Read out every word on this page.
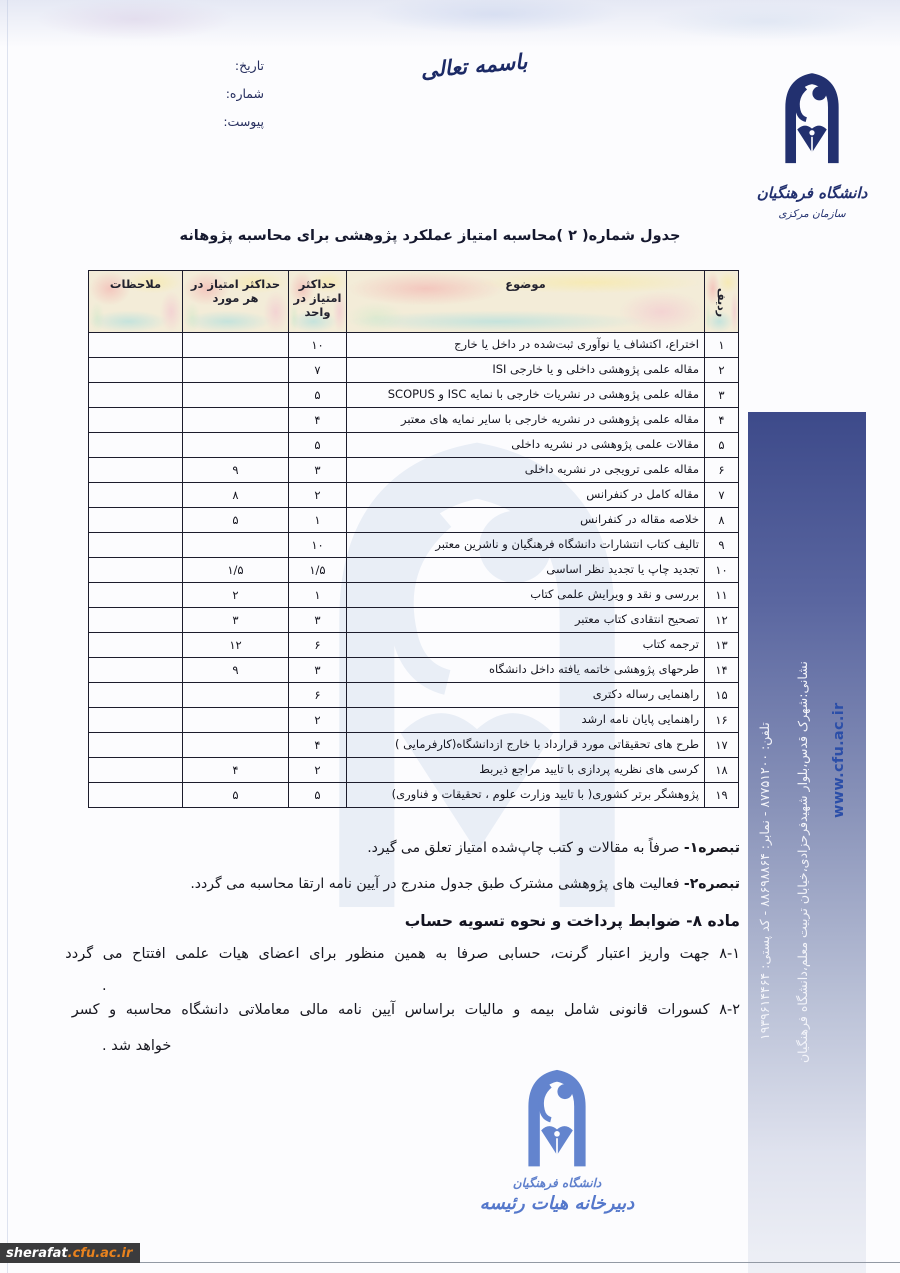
تاریخ:
شماره:
پیوست:
باسمه تعالی
دانشگاه فرهنگیان
سازمان مرکزی
جدول شماره( ۲ )محاسبه امتیاز عملکرد پژوهشی برای محاسبه پژوهانه
ردیف	موضوع	حداکثر امتیاز در واحد	حداکثر امتیاز در هر مورد	ملاحظات
۱	اختراع، اکتشاف یا نوآوری ثبت‌شده در داخل یا خارج	۱۰		
۲	مقاله علمی پژوهشی داخلی و یا خارجی ISI	۷		
۳	مقاله علمی پژوهشی در نشریات خارجی با نمایه ISC و SCOPUS	۵		
۴	مقاله علمی پژوهشی در نشریه خارجی با سایر نمایه های معتبر	۴		
۵	مقالات علمی پژوهشی در نشریه داخلی	۵		
۶	مقاله علمی ترویجی در نشریه داخلی	۳	۹	
۷	مقاله کامل در کنفرانس	۲	۸	
۸	خلاصه مقاله در کنفرانس	۱	۵	
۹	تالیف کتاب انتشارات دانشگاه فرهنگیان و ناشرین معتبر	۱۰		
۱۰	تجدید چاپ یا تجدید نظر اساسی	۱/۵	۱/۵	
۱۱	بررسی و نقد و ویرایش علمی کتاب	۱	۲	
۱۲	تصحیح انتقادی کتاب معتبر	۳	۳	
۱۳	ترجمه کتاب	۶	۱۲	
۱۴	طرحهای پژوهشی خاتمه یافته داخل دانشگاه	۳	۹	
۱۵	راهنمایی رساله دکتری	۶		
۱۶	راهنمایی پایان نامه ارشد	۲		
۱۷	طرح های تحقیقاتی مورد قرارداد با خارج ازدانشگاه(کارفرمایی )	۴		
۱۸	کرسی های نظریه پردازی با تایید مراجع ذیربط	۲	۴	
۱۹	پژوهشگر برتر کشوری( با تایید وزارت علوم ، تحقیقات و فناوری)	۵	۵	
تبصره۱- صرفاً به مقالات و کتب چاپ‌شده امتیاز تعلق می گیرد.
تبصره۲- فعالیت های پژوهشی مشترک طبق جدول مندرج در آیین نامه ارتقا محاسبه می گردد.
ماده ۸- ضوابط پرداخت و نحوه تسویه حساب
۸-۱ جهت واریز اعتبار گرنت، حسابی صرفا به همین منظور برای اعضای هیات علمی افتتاح می گردد
.
۸-۲ کسورات قانونی شامل بیمه و مالیات براساس آیین نامه مالی معاملاتی دانشگاه محاسبه و کسر
خواهد شد .
دانشگاه فرهنگیان
دبیرخانه هیات رئیسه
تلفن: ۸۷۷۵۱۲۰۰ - نمابر: ۸۸۶۹۸۸۶۴ - کد پستی: ۱۹۳۹۶۱۴۴۶۴ نشانی:شهرک قدس،بلوار شهیدفرحزادی،خیابان تربیت معلم،دانشگاه فرهنگیان www.cfu.ac.ir
sherafat .cfu.ac.ir
